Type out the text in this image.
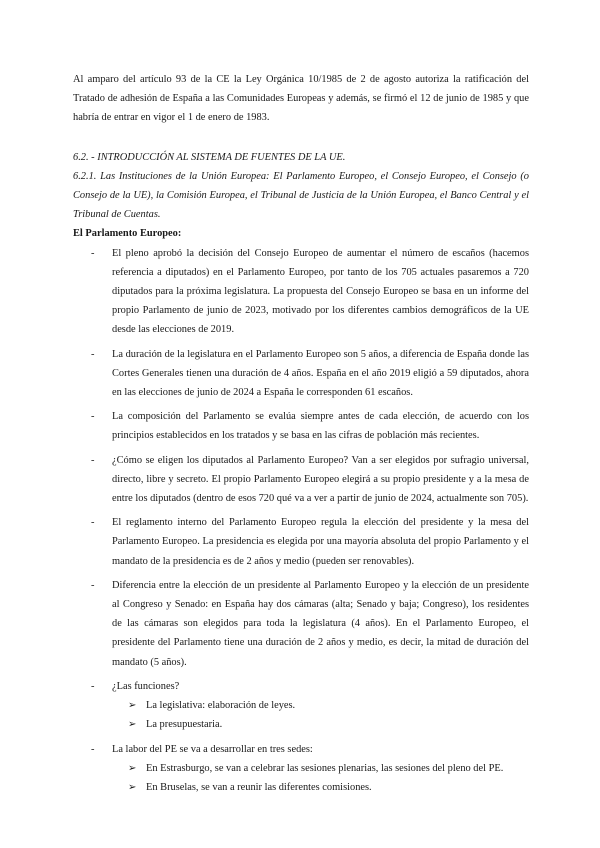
Al amparo del artículo 93 de la CE la Ley Orgánica 10/1985 de 2 de agosto autoriza la ratificación del Tratado de adhesión de España a las Comunidades Europeas y además, se firmó el 12 de junio de 1985 y que habría de entrar en vigor el 1 de enero de 1983.

6.2. - INTRODUCCIÓN AL SISTEMA DE FUENTES DE LA UE.

6.2.1. Las Instituciones de la Unión Europea: El Parlamento Europeo, el Consejo Europeo, el Consejo (o Consejo de la UE), la Comisión Europea, el Tribunal de Justicia de la Unión Europea, el Banco Central y el Tribunal de Cuentas.

El Parlamento Europeo:

- El pleno aprobó la decisión del Consejo Europeo de aumentar el número de escaños (hacemos referencia a diputados) en el Parlamento Europeo, por tanto de los 705 actuales pasaremos a 720 diputados para la próxima legislatura. La propuesta del Consejo Europeo se basa en un informe del propio Parlamento de junio de 2023, motivado por los diferentes cambios demográficos de la UE desde las elecciones de 2019.
- La duración de la legislatura en el Parlamento Europeo son 5 años, a diferencia de España donde las Cortes Generales tienen una duración de 4 años. España en el año 2019 eligió a 59 diputados, ahora en las elecciones de junio de 2024 a España le corresponden 61 escaños.
- La composición del Parlamento se evalúa siempre antes de cada elección, de acuerdo con los principios establecidos en los tratados y se basa en las cifras de población más recientes.
- ¿Cómo se eligen los diputados al Parlamento Europeo? Van a ser elegidos por sufragio universal, directo, libre y secreto. El propio Parlamento Europeo elegirá a su propio presidente y a la mesa de entre los diputados (dentro de esos 720 qué va a ver a partir de junio de 2024, actualmente son 705).
- El reglamento interno del Parlamento Europeo regula la elección del presidente y la mesa del Parlamento Europeo. La presidencia es elegida por una mayoría absoluta del propio Parlamento y el mandato de la presidencia es de 2 años y medio (pueden ser renovables).
- Diferencia entre la elección de un presidente al Parlamento Europeo y la elección de un presidente al Congreso y Senado: en España hay dos cámaras (alta; Senado y baja; Congreso), los residentes de las cámaras son elegidos para toda la legislatura (4 años). En el Parlamento Europeo, el presidente del Parlamento tiene una duración de 2 años y medio, es decir, la mitad de duración del mandato (5 años).
- ¿Las funciones?
➢ La legislativa: elaboración de leyes.
➢ La presupuestaria.
- La labor del PE se va a desarrollar en tres sedes:
➢ En Estrasburgo, se van a celebrar las sesiones plenarias, las sesiones del pleno del PE.
➢ En Bruselas, se van a reunir las diferentes comisiones.
